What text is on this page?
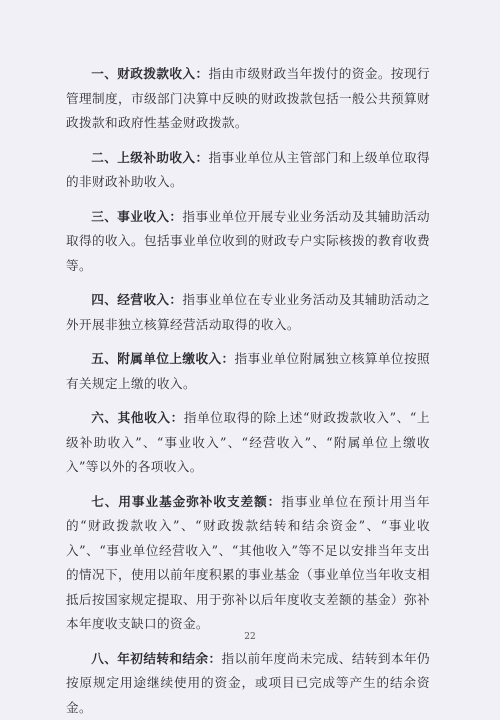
一、财政拨款收入：指由市级财政当年拨付的资金。按现行管理制度，市级部门决算中反映的财政拨款包括一般公共预算财政拨款和政府性基金财政拨款。

二、上级补助收入：指事业单位从主管部门和上级单位取得的非财政补助收入。

三、事业收入：指事业单位开展专业业务活动及其辅助活动取得的收入。包括事业单位收到的财政专户实际核拨的教育收费等。

四、经营收入：指事业单位在专业业务活动及其辅助活动之外开展非独立核算经营活动取得的收入。

五、附属单位上缴收入：指事业单位附属独立核算单位按照有关规定上缴的收入。

六、其他收入：指单位取得的除上述“财政拨款收入”、“上级补助收入”、“事业收入”、“经营收入”、“附属单位上缴收入”等以外的各项收入。

七、用事业基金弥补收支差额：指事业单位在预计用当年的“财政拨款收入”、“财政拨款结转和结余资金”、“事业收入”、“事业单位经营收入”、“其他收入”等不足以安排当年支出的情况下，使用以前年度积累的事业基金（事业单位当年收支相抵后按国家规定提取、用于弥补以后年度收支差额的基金）弥补本年度收支缺口的资金。

八、年初结转和结余：指以前年度尚未完成、结转到本年仍按原规定用途继续使用的资金，或项目已完成等产生的结余资金。

22
